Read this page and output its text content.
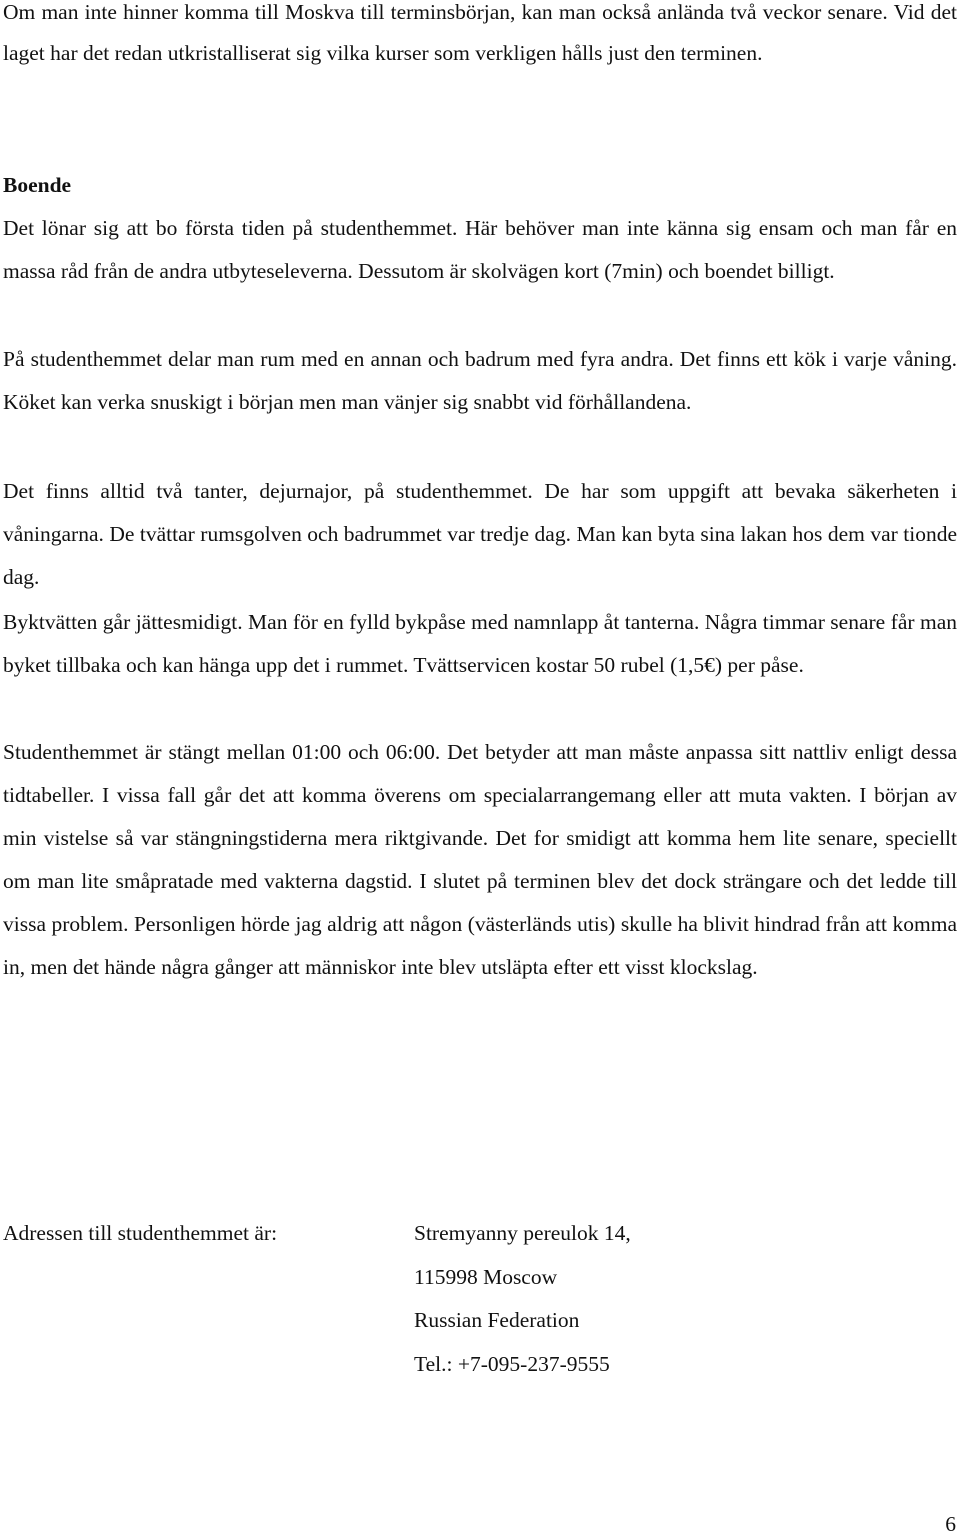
Om man inte hinner komma till Moskva till terminsbörjan, kan man också anlända två veckor senare. Vid det laget har det redan utkristalliserat sig vilka kurser som verkligen hålls just den terminen.

Boende

Det lönar sig att bo första tiden på studenthemmet. Här behöver man inte känna sig ensam och man får en massa råd från de andra utbyteseleverna. Dessutom är skolvägen kort (7min) och boendet billigt.

På studenthemmet delar man rum med en annan och badrum med fyra andra. Det finns ett kök i varje våning. Köket kan verka snuskigt i början men man vänjer sig snabbt vid förhållandena.

Det finns alltid två tanter, dejurnajor, på studenthemmet. De har som uppgift att bevaka säkerheten i våningarna. De tvättar rumsgolven och badrummet var tredje dag. Man kan byta sina lakan hos dem var tionde dag.

Byktvätten går jättesmidigt. Man för en fylld bykpåse med namnlapp åt tanterna. Några timmar senare får man byket tillbaka och kan hänga upp det i rummet. Tvättservicen kostar 50 rubel (1,5€) per påse.

Studenthemmet är stängt mellan 01:00 och 06:00. Det betyder att man måste anpassa sitt nattliv enligt dessa tidtabeller. I vissa fall går det att komma överens om specialarrangemang eller att muta vakten. I början av min vistelse så var stängningstiderna mera riktgivande. Det for smidigt att komma hem lite senare, speciellt om man lite småpratade med vakterna dagstid. I slutet på terminen blev det dock strängare och det ledde till vissa problem. Personligen hörde jag aldrig att någon (västerländs utis) skulle ha blivit hindrad från att komma in, men det hände några gånger att människor inte blev utsläpta efter ett visst klockslag.

Adressen till studenthemmet är:	Stremyanny pereulok 14,
115998 Moscow
Russian Federation
Tel.: +7-095-237-9555

6
